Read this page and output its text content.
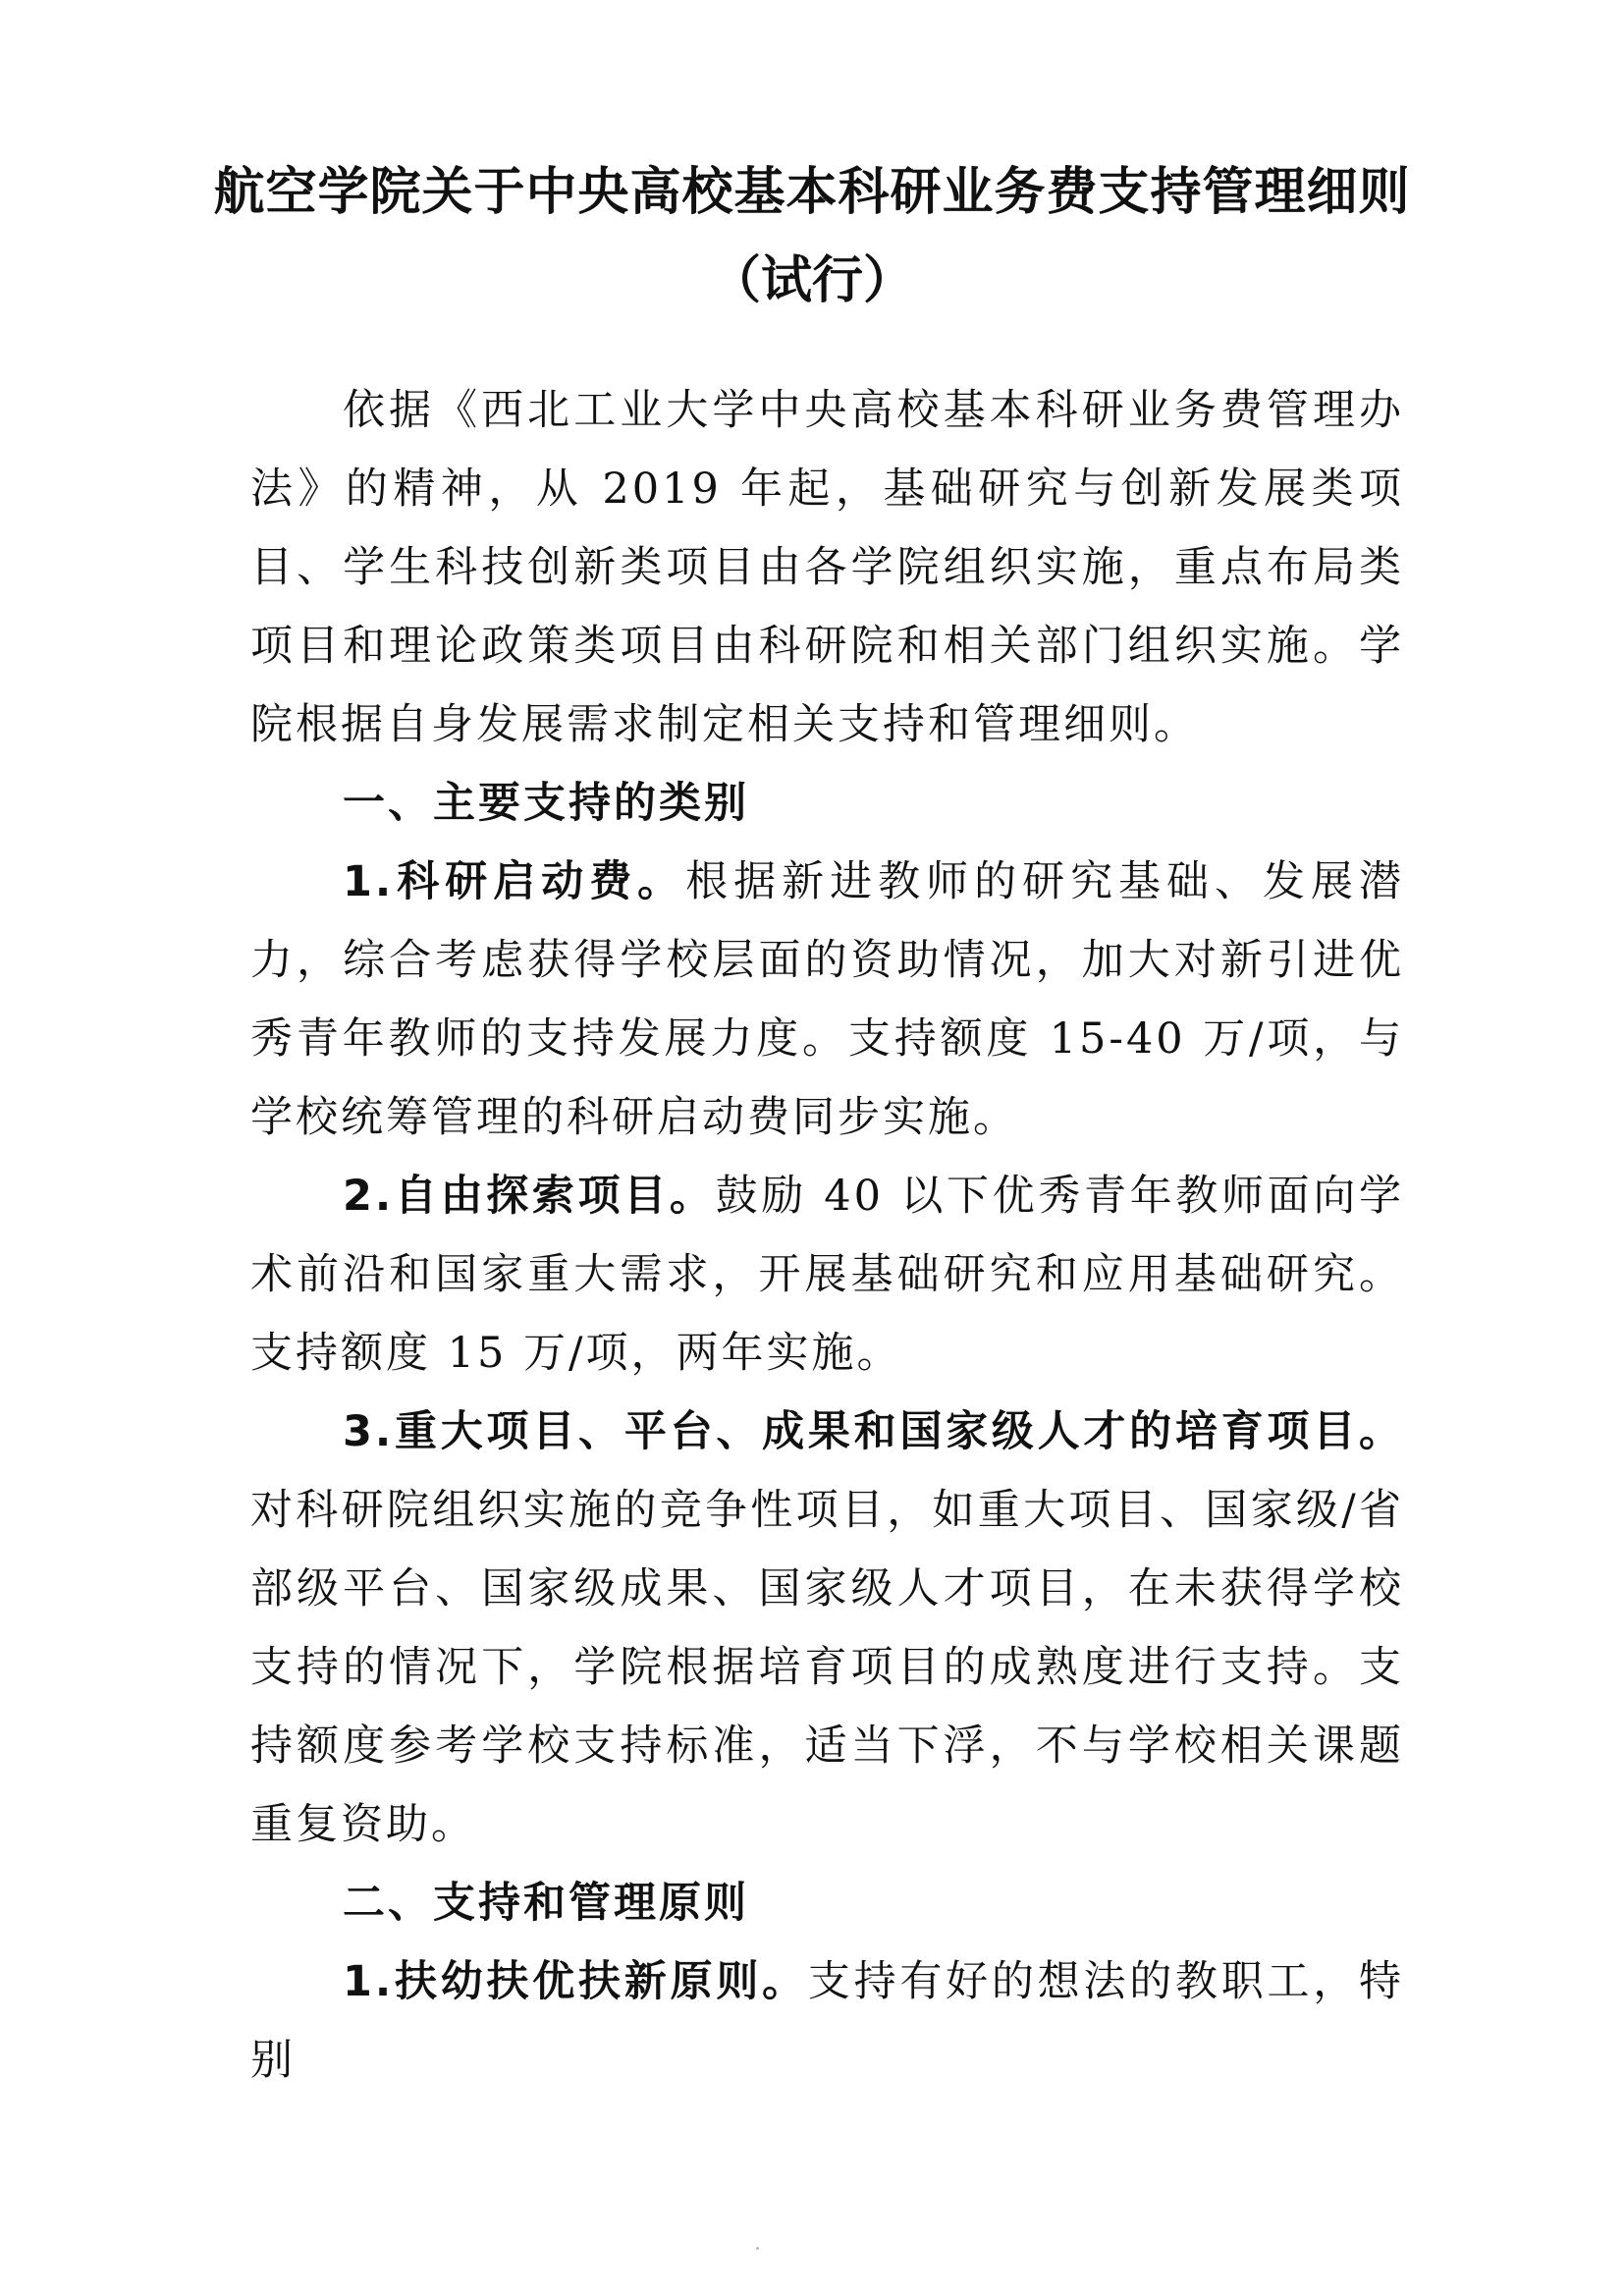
航空学院关于中央高校基本科研业务费支持管理细则
（试行）

依据《西北工业大学中央高校基本科研业务费管理办法》的精神，从 2019 年起，基础研究与创新发展类项目、学生科技创新类项目由各学院组织实施，重点布局类项目和理论政策类项目由科研院和相关部门组织实施。学院根据自身发展需求制定相关支持和管理细则。

一、主要支持的类别

1.科研启动费。根据新进教师的研究基础、发展潜力，综合考虑获得学校层面的资助情况，加大对新引进优秀青年教师的支持发展力度。支持额度 15-40 万/项，与学校统筹管理的科研启动费同步实施。

2.自由探索项目。鼓励 40 以下优秀青年教师面向学术前沿和国家重大需求，开展基础研究和应用基础研究。支持额度 15 万/项，两年实施。

3.重大项目、平台、成果和国家级人才的培育项目。对科研院组织实施的竞争性项目，如重大项目、国家级/省部级平台、国家级成果、国家级人才项目，在未获得学校支持的情况下，学院根据培育项目的成熟度进行支持。支持额度参考学校支持标准，适当下浮，不与学校相关课题重复资助。

二、支持和管理原则

1.扶幼扶优扶新原则。支持有好的想法的教职工，特别
